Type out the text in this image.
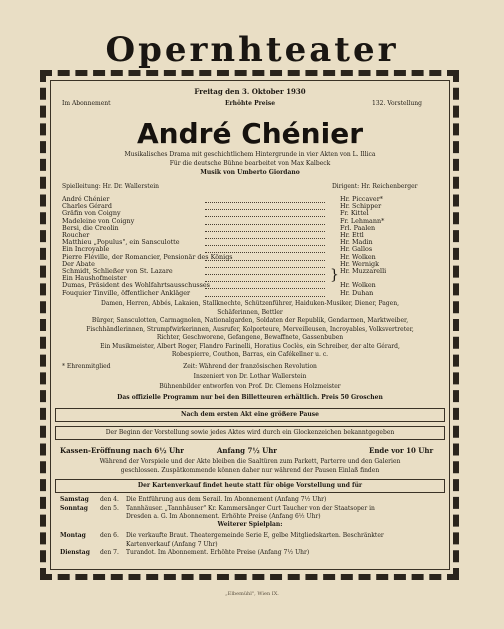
Opernhteater
Freitag den 3. Oktober 1930
Im Abonnement	Erhöhte Preise	132. Vorstellung
André Chénier
Musikalisches Drama mit geschichtlichem Hintergrunde in vier Akten von L. Illica
Für die deutsche Bühne bearbeitet von Max Kalbeck
Musik von Umberto Giordano
Spielleitung: Hr. Dr. Wallerstein	Dirigent: Hr. Reichenberger
André Chénier	Hr. Piccaver*
Charles Gérard	Hr. Schipper
Gräfin von Coigny	Fr. Kittel
Madeleine von Coigny	Fr. Lehmann*
Bersi, die Creolin	Frl. Paalen
Roucher	Hr. Ettl
Matthieu „Populus", ein Sansculotte	Hr. Madin
Ein Incroyable	Hr. Gallos
Pierre Fléville, der Romancier, Pensionär des Königs	Hr. Wolken
Der Abate	Hr. Wernigk
Schmidt, Schließer von St. Lazare	Hr. Muzzarelli
Ein Haushofmeister
Dumas, Präsident des Wohlfahrtsausschusses	Hr. Wolken
Fouquier Tinville, öffentlicher Ankläger	Hr. Duhan
}
Damen, Herren, Abbés, Lakaien, Stallknechte, Schützenführer, Haiduken-Musiker, Diener, Pagen,
Schäferinnen, Bettler
Bürger, Sansculotten, Carmagnolen, Nationalgarden, Soldaten der Republik, Gendarmen, Marktweiber,
Fischhändlerinnen, Strumpfwirkerinnen, Ausrufer, Kolporteure, Merveilleusen, Incroyables, Volksvertreter,
Richter, Geschworene, Gefangene, Bewaffnete, Gassenbuben
Ein Musikmeister, Albert Roger, Flandro Farinelli, Horatius Coclès, ein Schreiber, der alte Gérard,
Robespierre, Couthon, Barras, ein Cafékellner u. c.
* Ehrenmitglied	Zeit: Während der französischen Revolution
Inszeniert von Dr. Lothar Wallerstein
Bühnenbilder entworfen von Prof. Dr. Clemens Holzmeister
Das offizielle Programm nur bei den Billetteuren erhältlich. Preis 50 Groschen
Nach dem ersten Akt eine größere Pause
Der Beginn der Vorstellung sowie jedes Aktes wird durch ein Glockenzeichen bekanntgegeben
Kassen-Eröffnung nach 6½ Uhr	Anfang 7½ Uhr	Ende vor 10 Uhr
Während der Vorspiele und der Akte bleiben die Saaltüren zum Parkett, Parterre und den Galerien
geschlossen. Zuspätkommende können daher nur während der Pausen Einlaß finden
Der Kartenverkauf findet heute statt für obige Vorstellung und für
Samstag den 4. Die Entführung aus dem Serail. Im Abonnement (Anfang 7½ Uhr)
Sonntag den 5. Tannhäuser. „Tannhäuser" Kr. Kammersänger Curt Taucher von der Staatsoper in
Dresden a. G. Im Abonnement. Erhöhte Preise (Anfang 6½ Uhr)
Weiterer Spielplan:
Montag den 6. Die verkaufte Braut. Theatergemeinde Serie E, gelbe Mitgliedskarten. Beschränkter
Kartenverkauf (Anfang 7 Uhr)
Dienstag den 7. Turandot. Im Abonnement. Erhöhte Preise (Anfang 7½ Uhr)
„Elbemühl", Wien IX.
